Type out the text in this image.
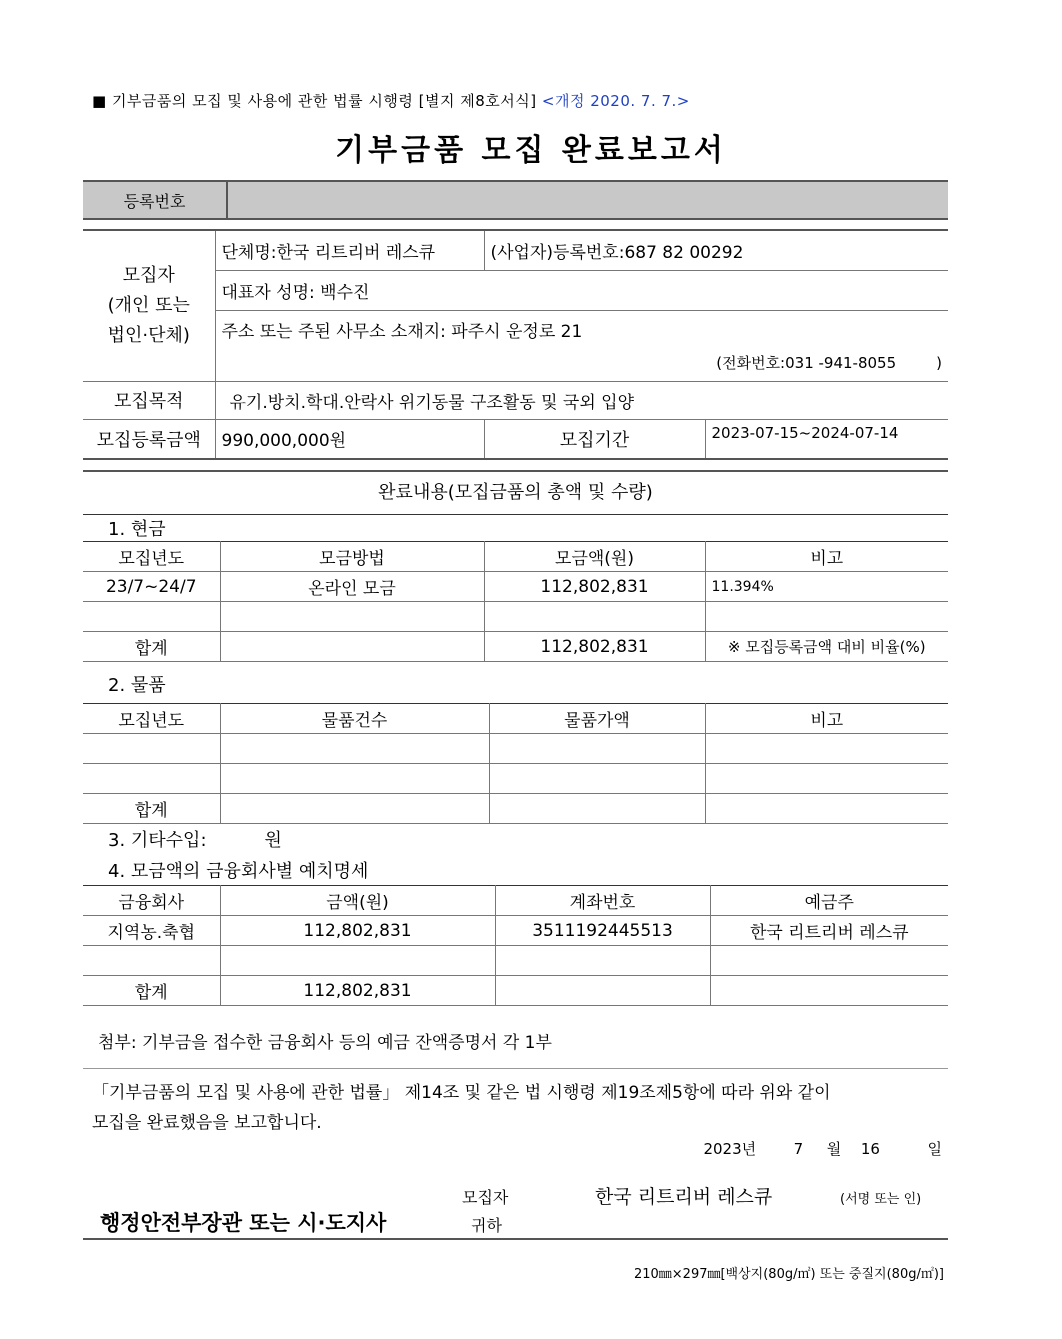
■ 기부금품의 모집 및 사용에 관한 법률 시행령 [별지 제8호서식] <개정 2020. 7. 7.>
기부금품 모집 완료보고서
등록번호	
모집자
(개인 또는
법인·단체)	단체명:한국 리트리버 레스큐	(사업자)등록번호:687 82 00292	
	대표자 성명: 백수진		

	주소 또는 주된 사무소 소재지: 파주시 운정로 21
(전화번호:031 -941-8055 )		

모집목적	유기.방치.학대.안락사 위기동물 구조활동 및 국외 입양		
모집등록금액	990,000,000원	모집기간	2023-07-15~2024-07-14
완료내용(모집금품의 총액 및 수량)
1. 현금
모집년도	모금방법	모금액(원)	비고
23/7~24/7	온라인 모금	112,802,831	11.394%

합계		112,802,831	※ 모집등록금액 대비 비율(%)
2. 물품
모집년도	물품건수	물품가액	비고

합계			
3. 기타수입:	원
4. 모금액의 금융회사별 예치명세
금융회사	금액(원)	계좌번호	예금주
지역농.축협	112,802,831	3511192445513	한국 리트리버 레스큐

합계	112,802,831		
첨부: 기부금을 접수한 금융회사 등의 예금 잔액증명서 각 1부
「기부금품의 모집 및 사용에 관한 법률」 제14조 및 같은 법 시행령 제19조제5항에 따라 위와 같이
모집을 완료했음을 보고합니다.
2023년	7 월 16	일
모집자	한국 리트리버 레스큐	(서명 또는 인)
행정안전부장관 또는 시·도지사	귀하
210㎜×297㎜[백상지(80g/㎡) 또는 중질지(80g/㎡)]
